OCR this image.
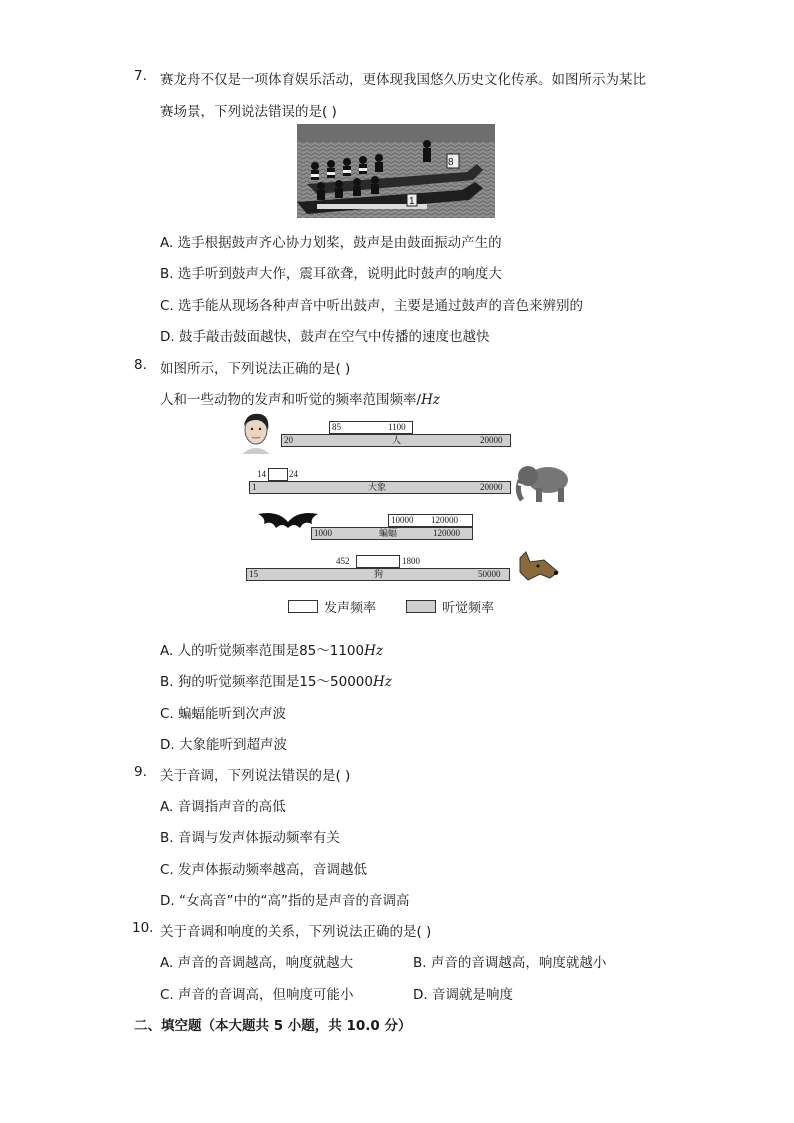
7. 赛龙舟不仅是一项体育娱乐活动，更体现我国悠久历史文化传承。如图所示为某比
赛场景，下列说法错误的是( )
8
1
A. 选手根据鼓声齐心协力划桨，鼓声是由鼓面振动产生的
B. 选手听到鼓声大作，震耳欲聋，说明此时鼓声的响度大
C. 选手能从现场各种声音中听出鼓声，主要是通过鼓声的音色来辨别的
D. 鼓手敲击鼓面越快，鼓声在空气中传播的速度也越快
8. 如图所示，下列说法正确的是( )
人和一些动物的发声和听觉的频率范围频率/Hz
85	1100
20	人	20000
14	24
1	大象	20000
10000 120000
1000	蝙蝠	120000
452	1800
15	狗	50000
发声频率	听觉频率
A. 人的听觉频率范围是85～1100Hz
B. 狗的听觉频率范围是15～50000Hz
C. 蝙蝠能听到次声波
D. 大象能听到超声波
9. 关于音调，下列说法错误的是( )
A. 音调指声音的高低
B. 音调与发声体振动频率有关
C. 发声体振动频率越高，音调越低
D. “女高音”中的“高”指的是声音的音调高
10. 关于音调和响度的关系，下列说法正确的是( )
A. 声音的音调越高，响度就越大	B. 声音的音调越高，响度就越小
C. 声音的音调高，但响度可能小	D. 音调就是响度
二、填空题（本大题共 5 小题，共 10.0 分）
